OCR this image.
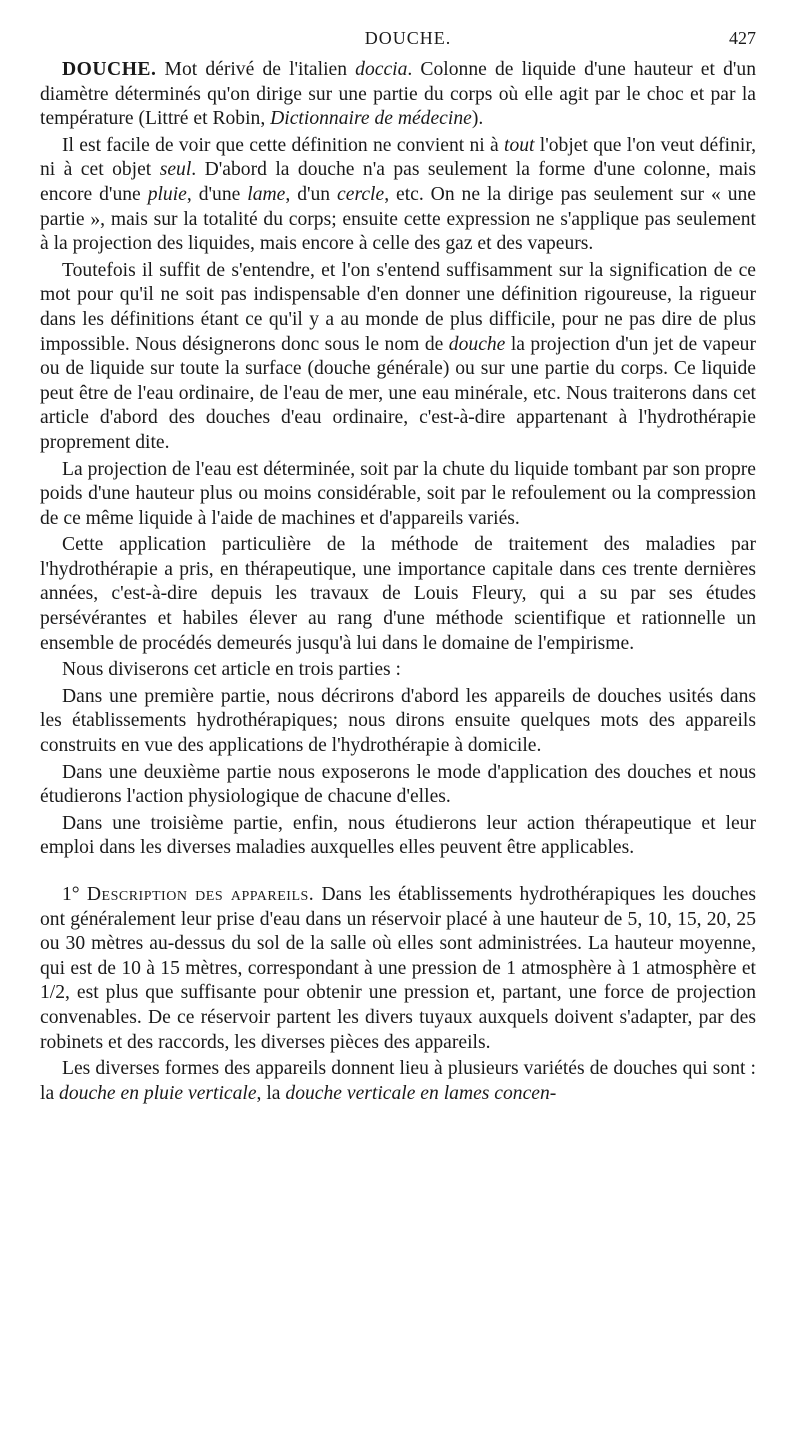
DOUCHE.	427

DOUCHE. Mot dérivé de l'italien doccia. Colonne de liquide d'une hauteur et d'un diamètre déterminés qu'on dirige sur une partie du corps où elle agit par le choc et par la température (Littré et Robin, Dictionnaire de médecine).

Il est facile de voir que cette définition ne convient ni à tout l'objet que l'on veut définir, ni à cet objet seul. D'abord la douche n'a pas seulement la forme d'une colonne, mais encore d'une pluie, d'une lame, d'un cercle, etc. On ne la dirige pas seulement sur « une partie », mais sur la totalité du corps; ensuite cette expression ne s'applique pas seulement à la projection des liquides, mais encore à celle des gaz et des vapeurs.

Toutefois il suffit de s'entendre, et l'on s'entend suffisamment sur la signification de ce mot pour qu'il ne soit pas indispensable d'en donner une définition rigoureuse, la rigueur dans les définitions étant ce qu'il y a au monde de plus difficile, pour ne pas dire de plus impossible. Nous désignerons donc sous le nom de douche la projection d'un jet de vapeur ou de liquide sur toute la surface (douche générale) ou sur une partie du corps. Ce liquide peut être de l'eau ordinaire, de l'eau de mer, une eau minérale, etc. Nous traiterons dans cet article d'abord des douches d'eau ordinaire, c'est-à-dire appartenant à l'hydrothérapie proprement dite.

La projection de l'eau est déterminée, soit par la chute du liquide tombant par son propre poids d'une hauteur plus ou moins considérable, soit par le refoulement ou la compression de ce même liquide à l'aide de machines et d'appareils variés.

Cette application particulière de la méthode de traitement des maladies par l'hydrothérapie a pris, en thérapeutique, une importance capitale dans ces trente dernières années, c'est-à-dire depuis les travaux de Louis Fleury, qui a su par ses études persévérantes et habiles élever au rang d'une méthode scientifique et rationnelle un ensemble de procédés demeurés jusqu'à lui dans le domaine de l'empirisme.

Nous diviserons cet article en trois parties :

Dans une première partie, nous décrirons d'abord les appareils de douches usités dans les établissements hydrothérapiques; nous dirons ensuite quelques mots des appareils construits en vue des applications de l'hydrothérapie à domicile.

Dans une deuxième partie nous exposerons le mode d'application des douches et nous étudierons l'action physiologique de chacune d'elles.

Dans une troisième partie, enfin, nous étudierons leur action thérapeutique et leur emploi dans les diverses maladies auxquelles elles peuvent être applicables.

1° Description des appareils. Dans les établissements hydrothérapiques les douches ont généralement leur prise d'eau dans un réservoir placé à une hauteur de 5, 10, 15, 20, 25 ou 30 mètres au-dessus du sol de la salle où elles sont administrées. La hauteur moyenne, qui est de 10 à 15 mètres, correspondant à une pression de 1 atmosphère à 1 atmosphère et 1/2, est plus que suffisante pour obtenir une pression et, partant, une force de projection convenables. De ce réservoir partent les divers tuyaux auxquels doivent s'adapter, par des robinets et des raccords, les diverses pièces des appareils.

Les diverses formes des appareils donnent lieu à plusieurs variétés de douches qui sont : la douche en pluie verticale, la douche verticale en lames concen-
